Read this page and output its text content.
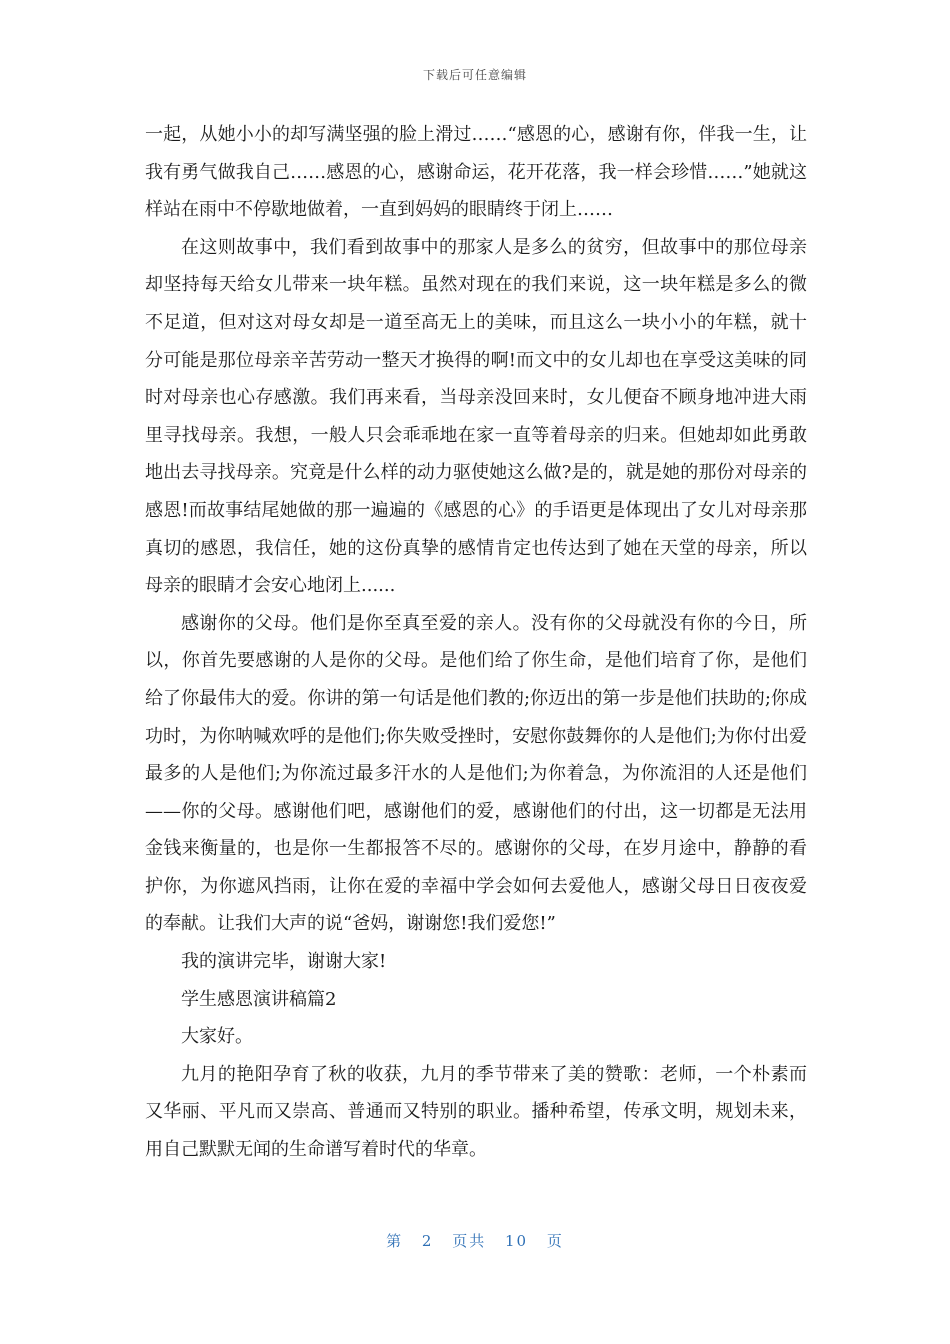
下载后可任意编辑

一起，从她小小的却写满坚强的脸上滑过……“感恩的心，感谢有你，伴我一生，让我有勇气做我自己……感恩的心，感谢命运，花开花落，我一样会珍惜……”她就这样站在雨中不停歇地做着，一直到妈妈的眼睛终于闭上……

在这则故事中，我们看到故事中的那家人是多么的贫穷，但故事中的那位母亲却坚持每天给女儿带来一块年糕。虽然对现在的我们来说，这一块年糕是多么的微不足道，但对这对母女却是一道至高无上的美味，而且这么一块小小的年糕，就十分可能是那位母亲辛苦劳动一整天才换得的啊!而文中的女儿却也在享受这美味的同时对母亲也心存感激。我们再来看，当母亲没回来时，女儿便奋不顾身地冲进大雨里寻找母亲。我想，一般人只会乖乖地在家一直等着母亲的归来。但她却如此勇敢地出去寻找母亲。究竟是什么样的动力驱使她这么做?是的，就是她的那份对母亲的感恩!而故事结尾她做的那一遍遍的《感恩的心》的手语更是体现出了女儿对母亲那真切的感恩，我信任，她的这份真挚的感情肯定也传达到了她在天堂的母亲，所以母亲的眼睛才会安心地闭上......

感谢你的父母。他们是你至真至爱的亲人。没有你的父母就没有你的今日，所以，你首先要感谢的人是你的父母。是他们给了你生命，是他们培育了你，是他们给了你最伟大的爱。你讲的第一句话是他们教的;你迈出的第一步是他们扶助的;你成功时，为你呐喊欢呼的是他们;你失败受挫时，安慰你鼓舞你的人是他们;为你付出爱最多的人是他们;为你流过最多汗水的人是他们;为你着急，为你流泪的人还是他们——你的父母。感谢他们吧，感谢他们的爱，感谢他们的付出，这一切都是无法用金钱来衡量的，也是你一生都报答不尽的。感谢你的父母，在岁月途中，静静的看护你，为你遮风挡雨，让你在爱的幸福中学会如何去爱他人，感谢父母日日夜夜爱的奉献。让我们大声的说“爸妈，谢谢您!我们爱您!”

我的演讲完毕，谢谢大家!

学生感恩演讲稿篇2

大家好。

九月的艳阳孕育了秋的收获，九月的季节带来了美的赞歌：老师，一个朴素而又华丽、平凡而又崇高、普通而又特别的职业。播种希望，传承文明，规划未来，用自己默默无闻的生命谱写着时代的华章。

第 2 页共 10 页
